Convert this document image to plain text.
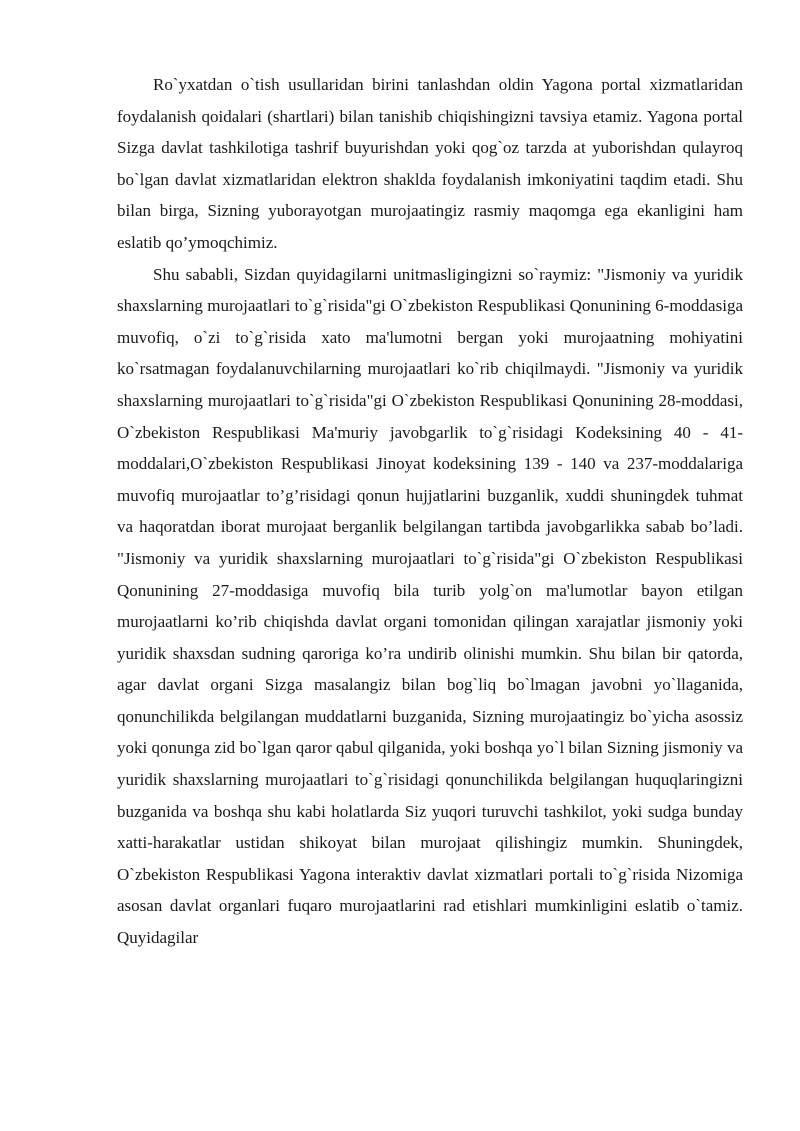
Ro`yxatdan o`tish usullaridan birini tanlashdan oldin Yagona portal xizmatlaridan foydalanish qoidalari (shartlari) bilan tanishib chiqishingizni tavsiya etamiz. Yagona portal Sizga davlat tashkilotiga tashrif buyurishdan yoki qog`oz tarzda at yuborishdan qulayroq bo`lgan davlat xizmatlaridan elektron shaklda foydalanish imkoniyatini taqdim etadi. Shu bilan birga, Sizning yuborayotgan murojaatingiz rasmiy maqomga ega ekanligini ham eslatib qo’ymoqchimiz.

Shu sababli, Sizdan quyidagilarni unitmasligingizni so`raymiz: "Jismoniy va yuridik shaxslarning murojaatlari to`g`risida"gi O`zbekiston Respublikasi Qonunining 6-moddasiga muvofiq, o`zi to`g`risida xato ma'lumotni bergan yoki murojaatning mohiyatini ko`rsatmagan foydalanuvchilarning murojaatlari ko`rib chiqilmaydi. "Jismoniy va yuridik shaxslarning murojaatlari to`g`risida"gi O`zbekiston Respublikasi Qonunining 28-moddasi, O`zbekiston Respublikasi Ma'muriy javobgarlik to`g`risidagi Kodeksining 40 - 41-moddalari,O`zbekiston Respublikasi Jinoyat kodeksining 139 - 140 va 237-moddalariga muvofiq murojaatlar to’g’risidagi qonun hujjatlarini buzganlik, xuddi shuningdek tuhmat va haqoratdan iborat murojaat berganlik belgilangan tartibda javobgarlikka sabab bo’ladi. "Jismoniy va yuridik shaxslarning murojaatlari to`g`risida"gi O`zbekiston Respublikasi Qonunining 27-moddasiga muvofiq bila turib yolg`on ma'lumotlar bayon etilgan murojaatlarni ko’rib chiqishda davlat organi tomonidan qilingan xarajatlar jismoniy yoki yuridik shaxsdan sudning qaroriga ko’ra undirib olinishi mumkin. Shu bilan bir qatorda, agar davlat organi Sizga masalangiz bilan bog`liq bo`lmagan javobni yo`llaganida, qonunchilikda belgilangan muddatlarni buzganida, Sizning murojaatingiz bo`yicha asossiz yoki qonunga zid bo`lgan qaror qabul qilganida, yoki boshqa yo`l bilan Sizning jismoniy va yuridik shaxslarning murojaatlari to`g`risidagi qonunchilikda belgilangan huquqlaringizni buzganida va boshqa shu kabi holatlarda Siz yuqori turuvchi tashkilot, yoki sudga bunday xatti-harakatlar ustidan shikoyat bilan murojaat qilishingiz mumkin. Shuningdek, O`zbekiston Respublikasi Yagona interaktiv davlat xizmatlari portali to`g`risida Nizomiga asosan davlat organlari fuqaro murojaatlarini rad etishlari mumkinligini eslatib o`tamiz. Quyidagilar
